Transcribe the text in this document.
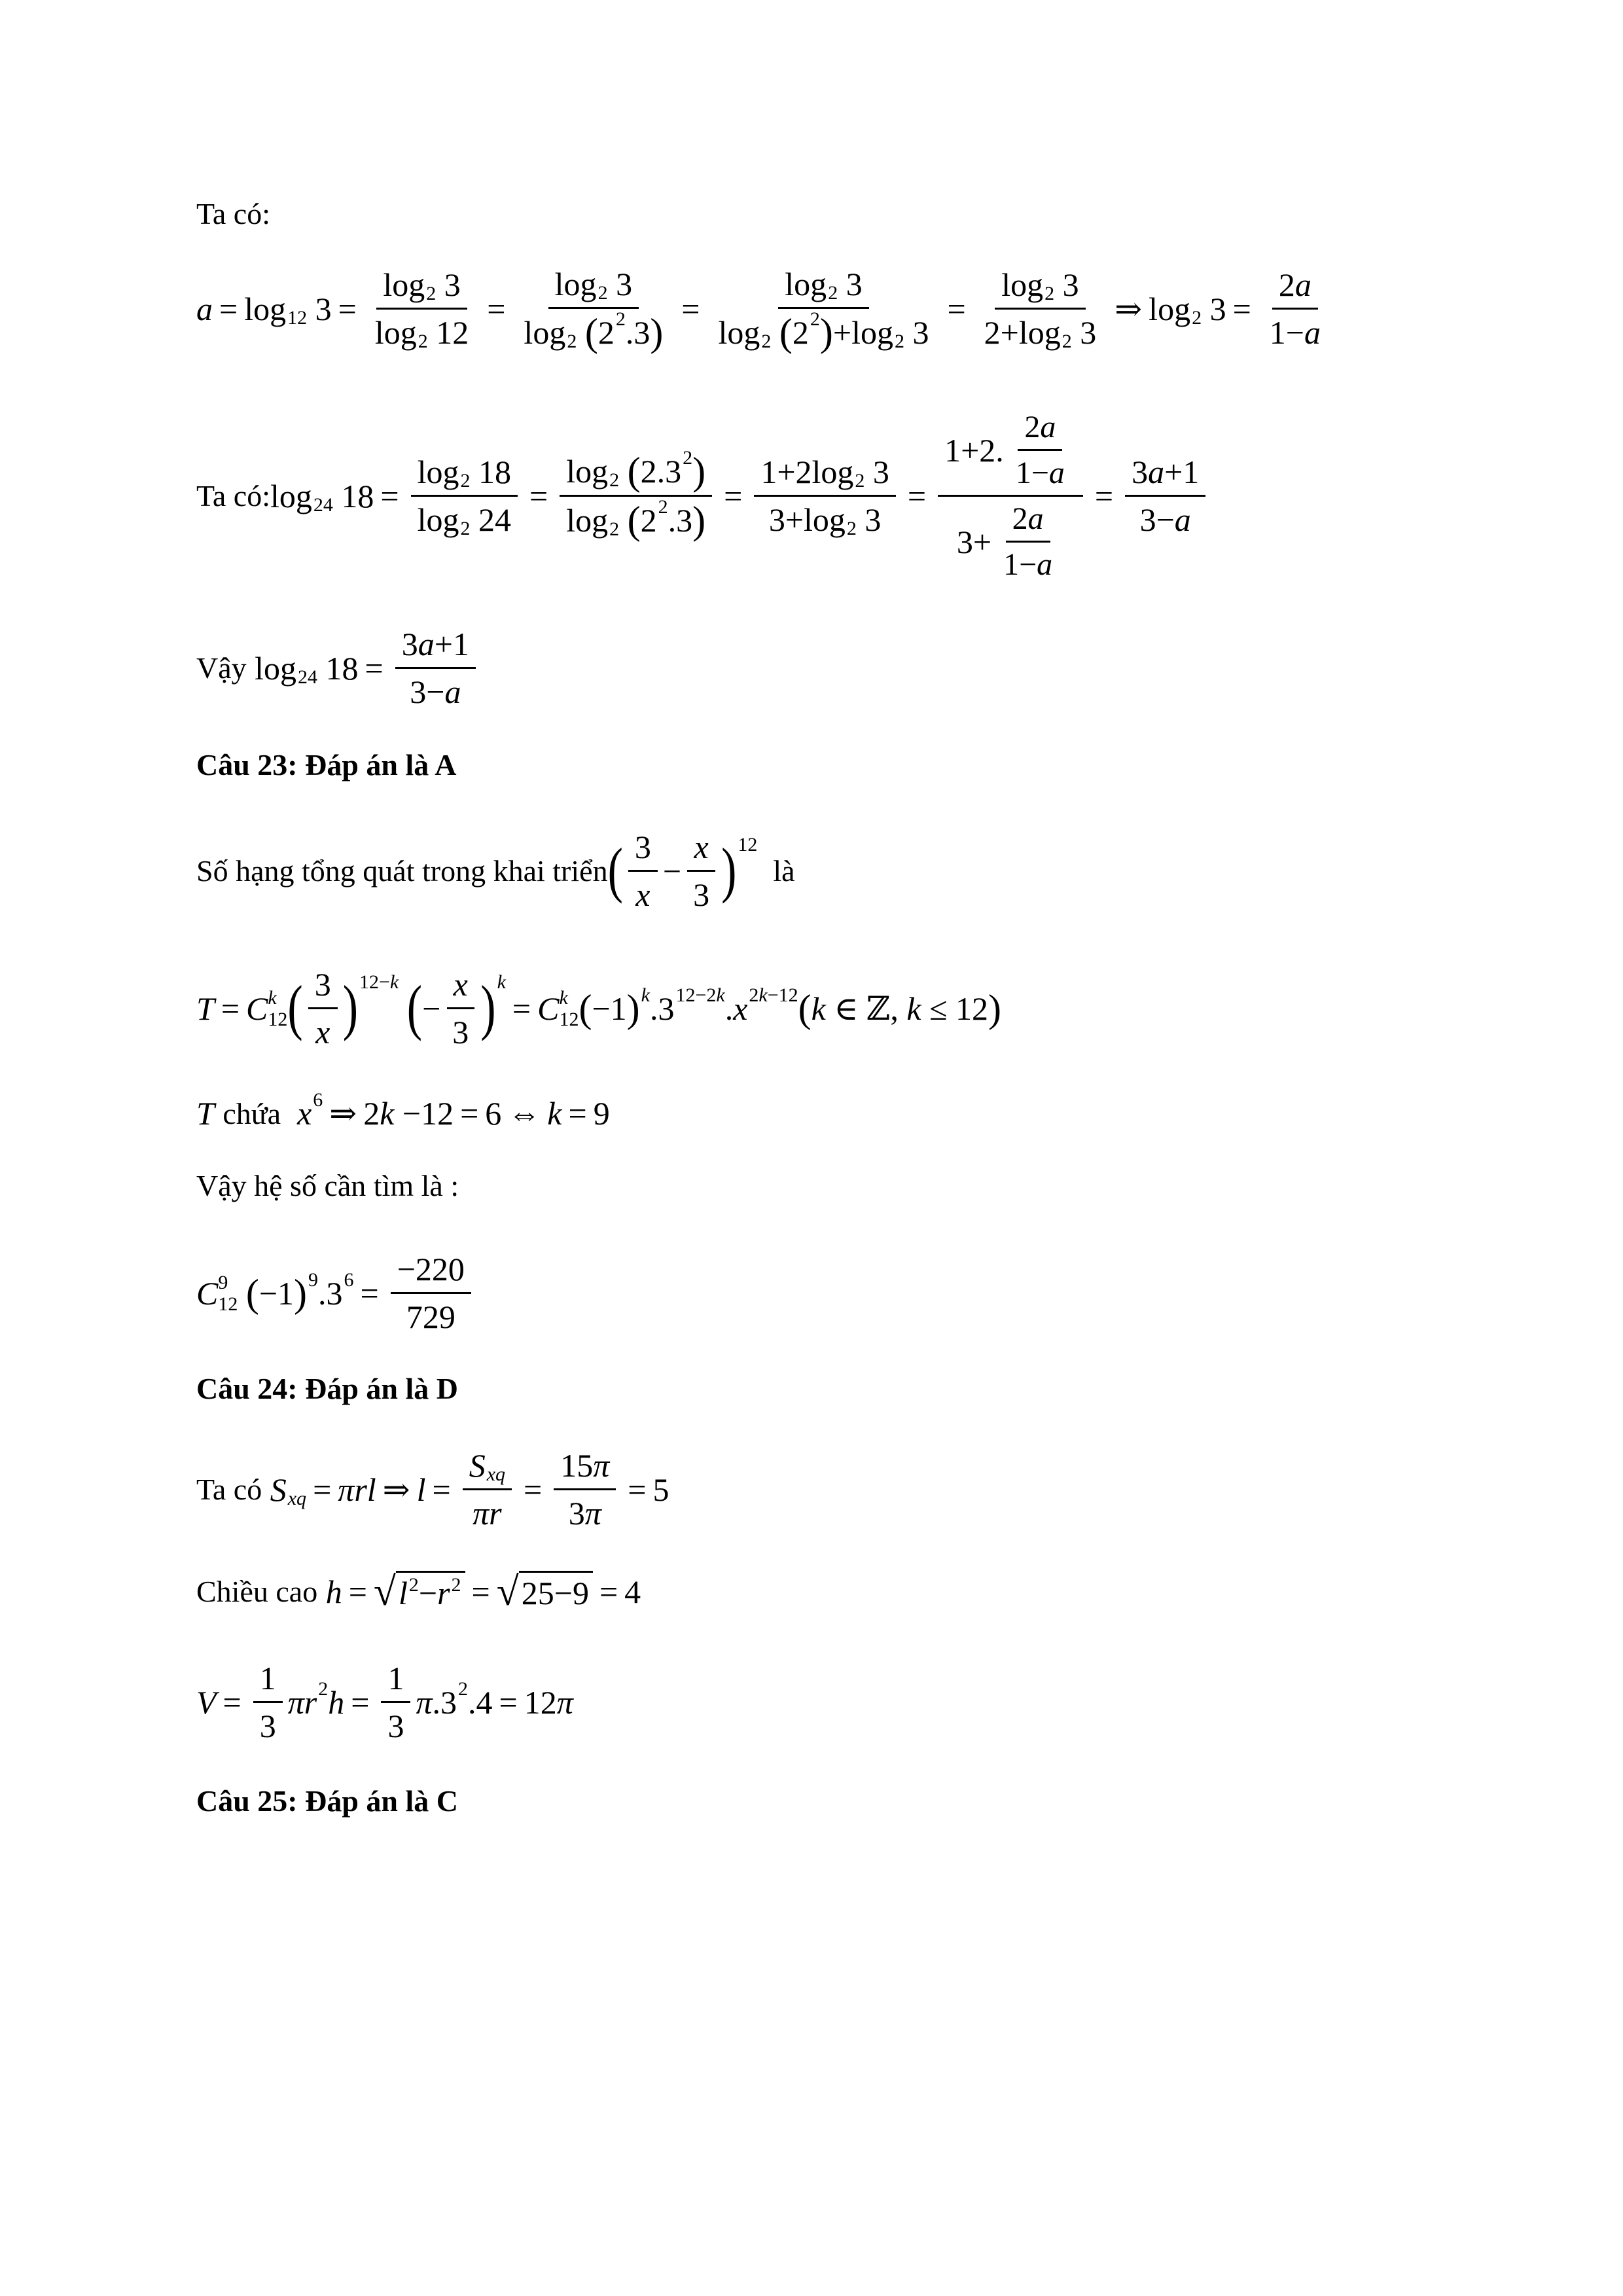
Ta có:
a = log 12 $3 = \frac{\log 2 3}{\log 2 12} = \log 2$ 3
log 2
( 2 2 .3 ) = log 2 3
log 2
( 2 2 ) +log 2 $3 = \frac{\log 2 3}{2+\log 2 3}$ ⇒ log 2 $3 = \frac{2 a}{1- a}$
Ta có: log 24 $18 = \frac{\log 2 18}{\log 2 24} = \log 2$
( 2.3 2 )
log 2
( 2 2 .3 ) = $\frac{1+2\log 2 3}{3+\log 2 3} = \frac{1+2. \frac{2 a}{1- a}}{3+ \frac{2 a}{1- a}} = \frac{3 a +1}{3- a}$
Vậy log 24 $18 = \frac{3 a +1}{3- a}$
Câu 23: Đáp án là A
Số hạng tổng quát trong khai triển ( $\frac{3}{x} - \frac{x}{3}$ ) 12
là
T = C k
12 ( $\frac{3}{x}$ ) 12−k
( − $\frac{x}{3}$ ) k
= C k
12 ( −1 ) k .3 12−2k . x 2k−12 ( k ∈ ℤ, k ≤ 12 )
T
chứa
x 6 ⇒ 2 k −12 = 6 ⇔ k = 9
Vậy hệ số cần tìm là :
C 9
12
( −1 ) 9 .3 $6 = \frac{-220}{729}$
Câu 24: Đáp án là D
Ta có
S xq = πrl ⇒ $l = \frac{\text{S xq}}{\pi r} = \frac{15 \pi}{3 \pi} = 5$
Chiều cao
h = √ $l^2-r^2$ = √ 25−9 = 4
$V = \frac{1}{3}$ πr 2 $h = \frac{1}{3}$ π .3 2 .4 = 12 π
Câu 25: Đáp án là C
